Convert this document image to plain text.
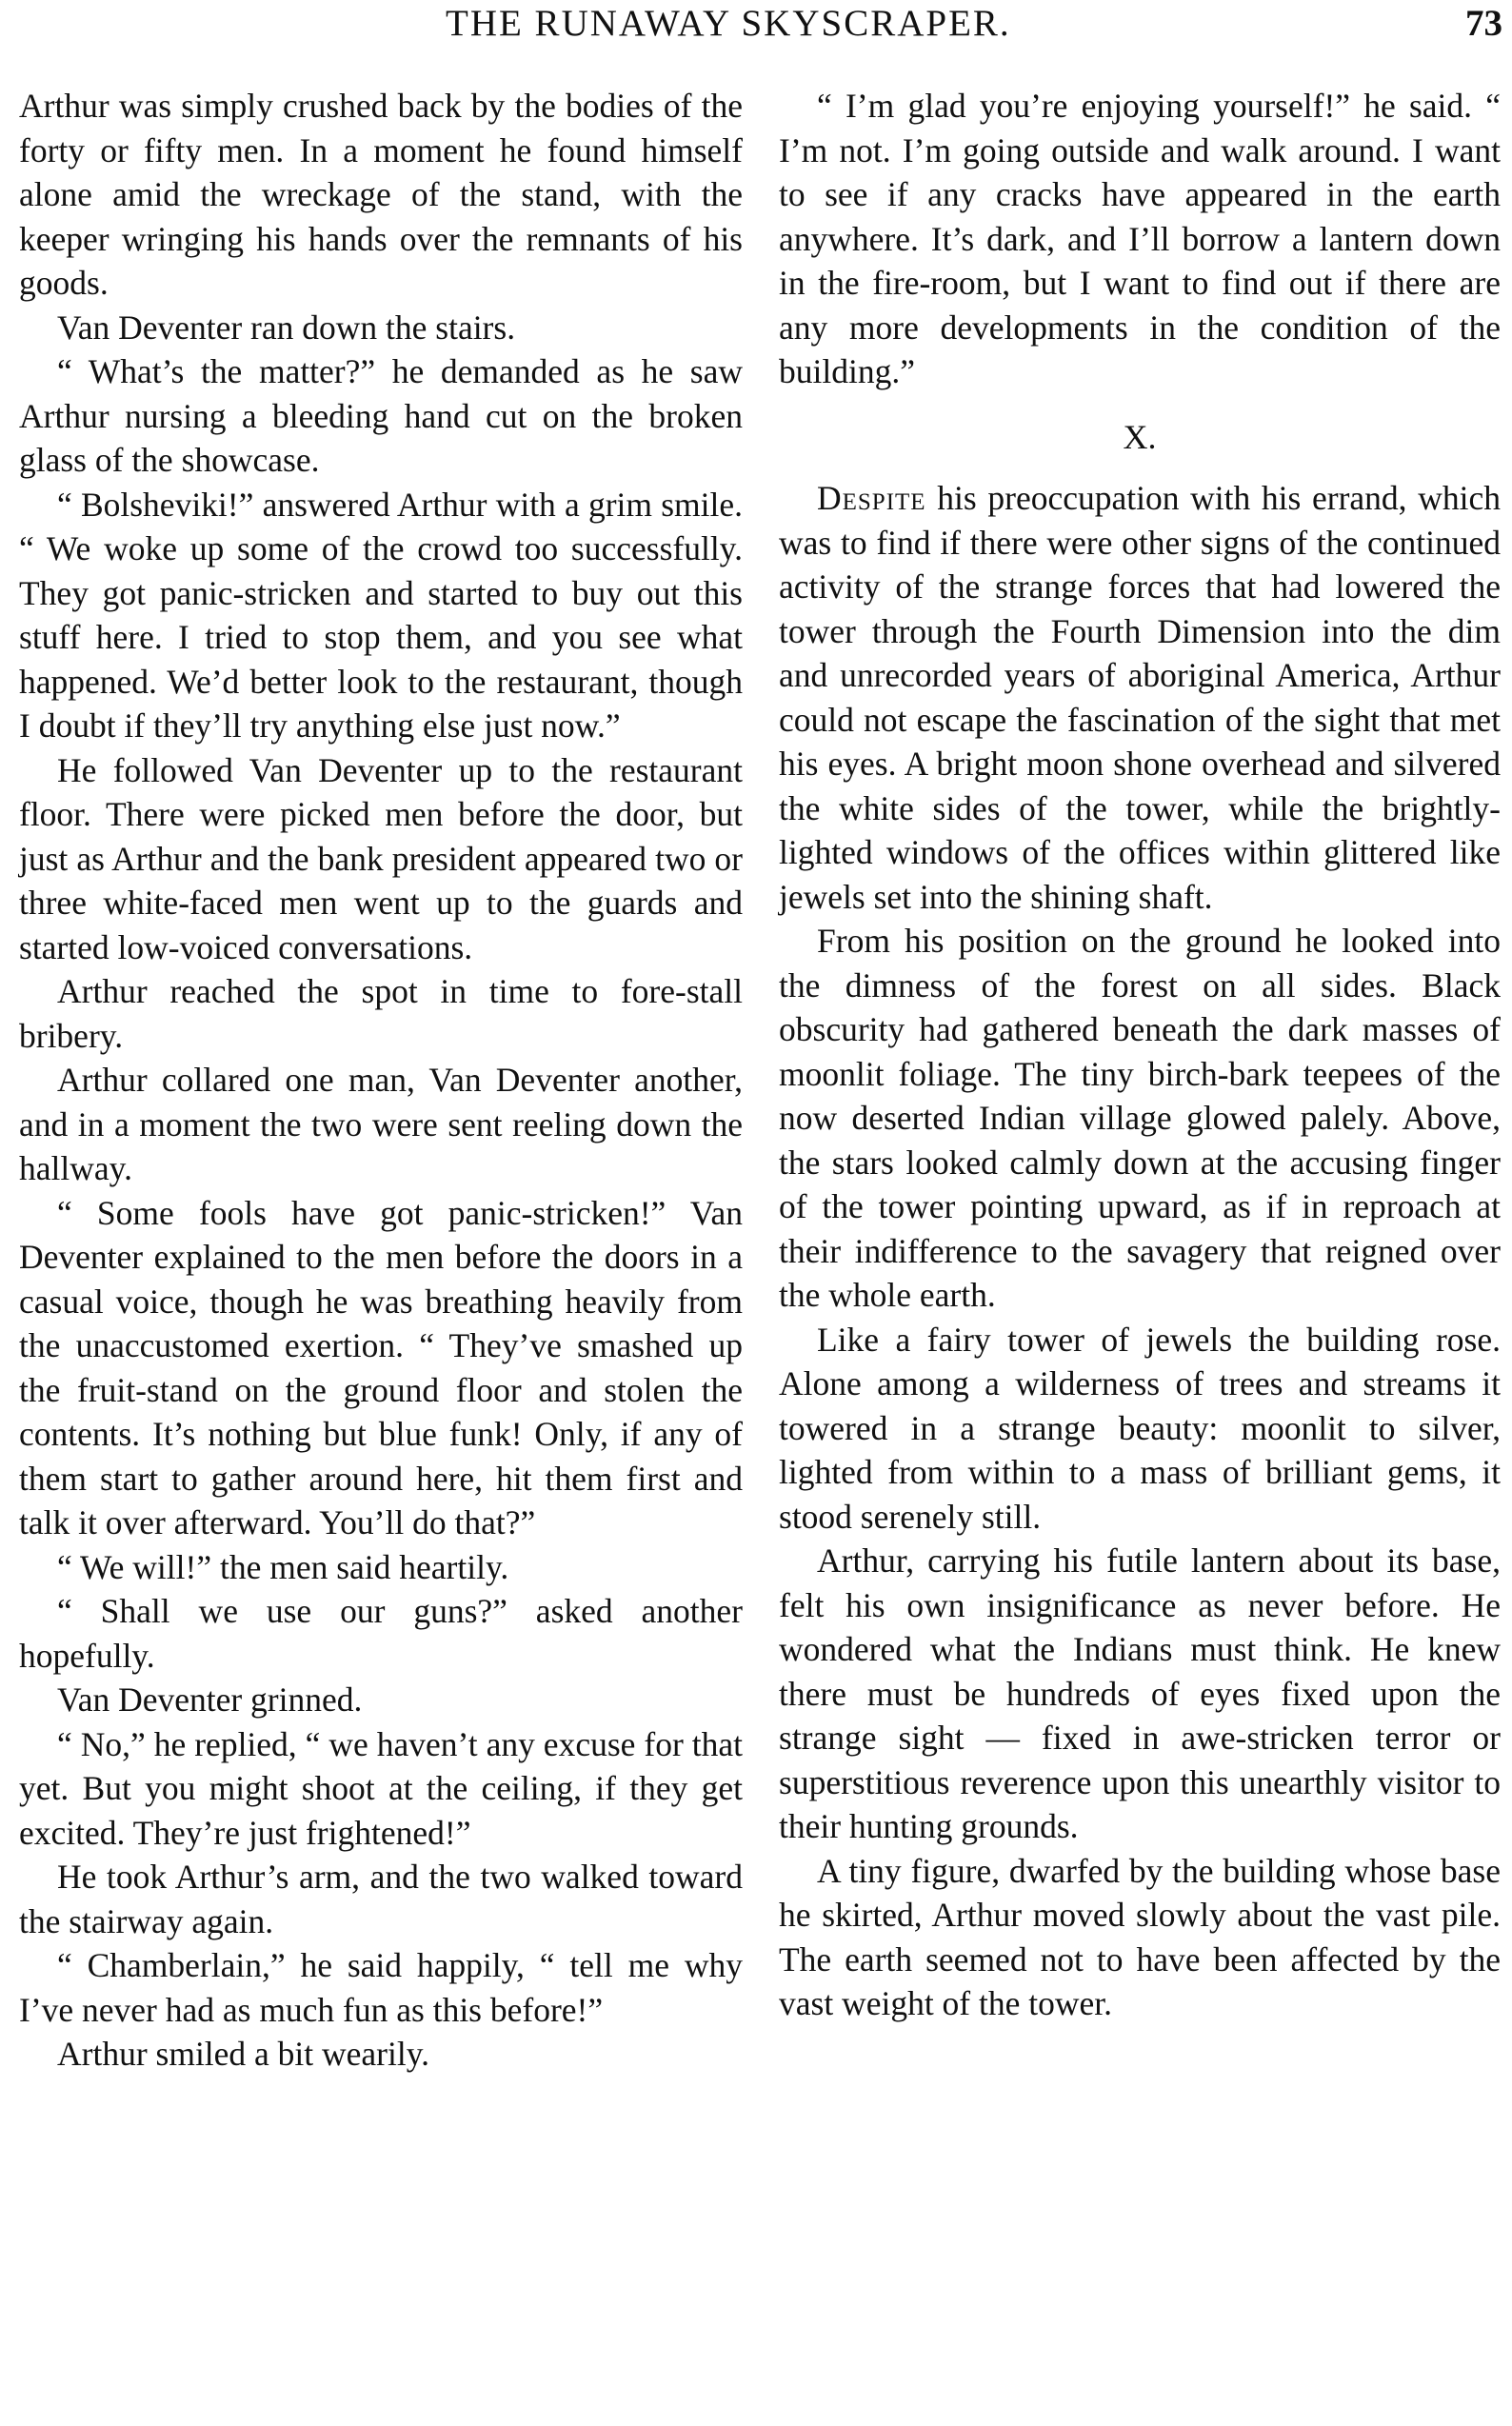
THE RUNAWAY SKYSCRAPER.	73

Arthur was simply crushed back by the bodies of the forty or fifty men. In a moment he found himself alone amid the wreckage of the stand, with the keeper wringing his hands over the remnants of his goods.

Van Deventer ran down the stairs.

“ What’s the matter?” he demanded as he saw Arthur nursing a bleeding hand cut on the broken glass of the showcase.

“ Bolsheviki!” answered Arthur with a grim smile. “ We woke up some of the crowd too successfully. They got panic-stricken and started to buy out this stuff here. I tried to stop them, and you see what happened. We’d better look to the restaurant, though I doubt if they’ll try anything else just now.”

He followed Van Deventer up to the restaurant floor. There were picked men before the door, but just as Arthur and the bank president appeared two or three white-faced men went up to the guards and started low-voiced conversations.

Arthur reached the spot in time to fore-stall bribery.

Arthur collared one man, Van Deventer another, and in a moment the two were sent reeling down the hallway.

“ Some fools have got panic-stricken!” Van Deventer explained to the men before the doors in a casual voice, though he was breathing heavily from the unaccustomed exertion. “ They’ve smashed up the fruit-stand on the ground floor and stolen the contents. It’s nothing but blue funk! Only, if any of them start to gather around here, hit them first and talk it over afterward. You’ll do that?”

“ We will!” the men said heartily.

“ Shall we use our guns?” asked another hopefully.

Van Deventer grinned.

“ No,” he replied, “ we haven’t any excuse for that yet. But you might shoot at the ceiling, if they get excited. They’re just frightened!”

He took Arthur’s arm, and the two walked toward the stairway again.

“ Chamberlain,” he said happily, “ tell me why I’ve never had as much fun as this before!”

Arthur smiled a bit wearily.

“ I’m glad you’re enjoying yourself!” he said. “ I’m not. I’m going outside and walk around. I want to see if any cracks have appeared in the earth anywhere. It’s dark, and I’ll borrow a lantern down in the fire-room, but I want to find out if there are any more developments in the condition of the building.”

X.

Despite his preoccupation with his errand, which was to find if there were other signs of the continued activity of the strange forces that had lowered the tower through the Fourth Dimension into the dim and unrecorded years of aboriginal America, Arthur could not escape the fascination of the sight that met his eyes. A bright moon shone overhead and silvered the white sides of the tower, while the brightly-lighted windows of the offices within glittered like jewels set into the shining shaft.

From his position on the ground he looked into the dimness of the forest on all sides. Black obscurity had gathered beneath the dark masses of moonlit foliage. The tiny birch-bark teepees of the now deserted Indian village glowed palely. Above, the stars looked calmly down at the accusing finger of the tower pointing upward, as if in reproach at their indifference to the savagery that reigned over the whole earth.

Like a fairy tower of jewels the building rose. Alone among a wilderness of trees and streams it towered in a strange beauty: moonlit to silver, lighted from within to a mass of brilliant gems, it stood serenely still.

Arthur, carrying his futile lantern about its base, felt his own insignificance as never before. He wondered what the Indians must think. He knew there must be hundreds of eyes fixed upon the strange sight — fixed in awe-stricken terror or superstitious reverence upon this unearthly visitor to their hunting grounds.

A tiny figure, dwarfed by the building whose base he skirted, Arthur moved slowly about the vast pile. The earth seemed not to have been affected by the vast weight of the tower.
